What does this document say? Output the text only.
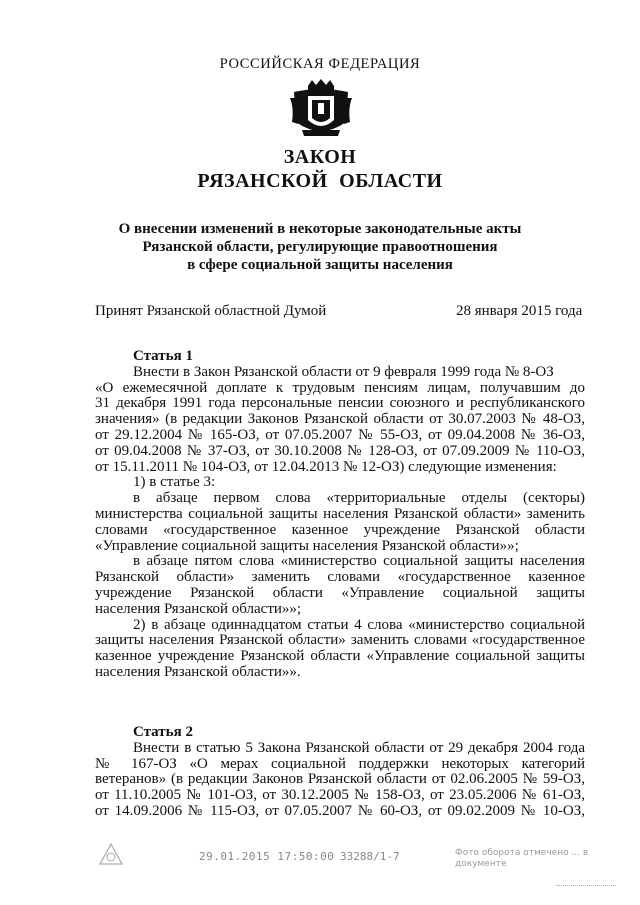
РОССИЙСКАЯ ФЕДЕРАЦИЯ
ЗАКОН
РЯЗАНСКОЙ ОБЛАСТИ
О внесении изменений в некоторые законодательные акты
Рязанской области, регулирующие правоотношения
в сфере социальной защиты населения
Принят Рязанской областной Думой	28 января 2015 года
Статья 1
Внести в Закон Рязанской области от 9 февраля 1999 года № 8-ОЗ
«О ежемесячной доплате к трудовым пенсиям лицам, получавшим до
31 декабря 1991 года персональные пенсии союзного и республиканского
значения» (в редакции Законов Рязанской области от 30.07.2003 № 48-ОЗ,
от 29.12.2004 № 165-ОЗ, от 07.05.2007 № 55-ОЗ, от 09.04.2008 № 36-ОЗ,
от 09.04.2008 № 37-ОЗ, от 30.10.2008 № 128-ОЗ, от 07.09.2009 № 110-ОЗ,
от 15.11.2011 № 104-ОЗ, от 12.04.2013 № 12-ОЗ) следующие изменения:
1) в статье 3:
в абзаце первом слова «территориальные отделы (секторы)
министерства социальной защиты населения Рязанской области» заменить
словами «государственное казенное учреждение Рязанской области
«Управление социальной защиты населения Рязанской области»»;
в абзаце пятом слова «министерство социальной защиты населения
Рязанской области» заменить словами «государственное казенное
учреждение Рязанской области «Управление социальной защиты
населения Рязанской области»»;
2) в абзаце одиннадцатом статьи 4 слова «министерство социальной
защиты населения Рязанской области» заменить словами «государственное
казенное учреждение Рязанской области «Управление социальной защиты
населения Рязанской области»».
Статья 2
Внести в статью 5 Закона Рязанской области от 29 декабря 2004 года
№ 167-ОЗ «О мерах социальной поддержки некоторых категорий
ветеранов» (в редакции Законов Рязанской области от 02.06.2005 № 59-ОЗ,
от 11.10.2005 № 101-ОЗ, от 30.12.2005 № 158-ОЗ, от 23.05.2006 № 61-ОЗ,
от 14.09.2006 № 115-ОЗ, от 07.05.2007 № 60-ОЗ, от 09.02.2009 № 10-ОЗ,
29.01.2015 17:50:00 33288/1-7	Фото оборота отмечено ... в документе
